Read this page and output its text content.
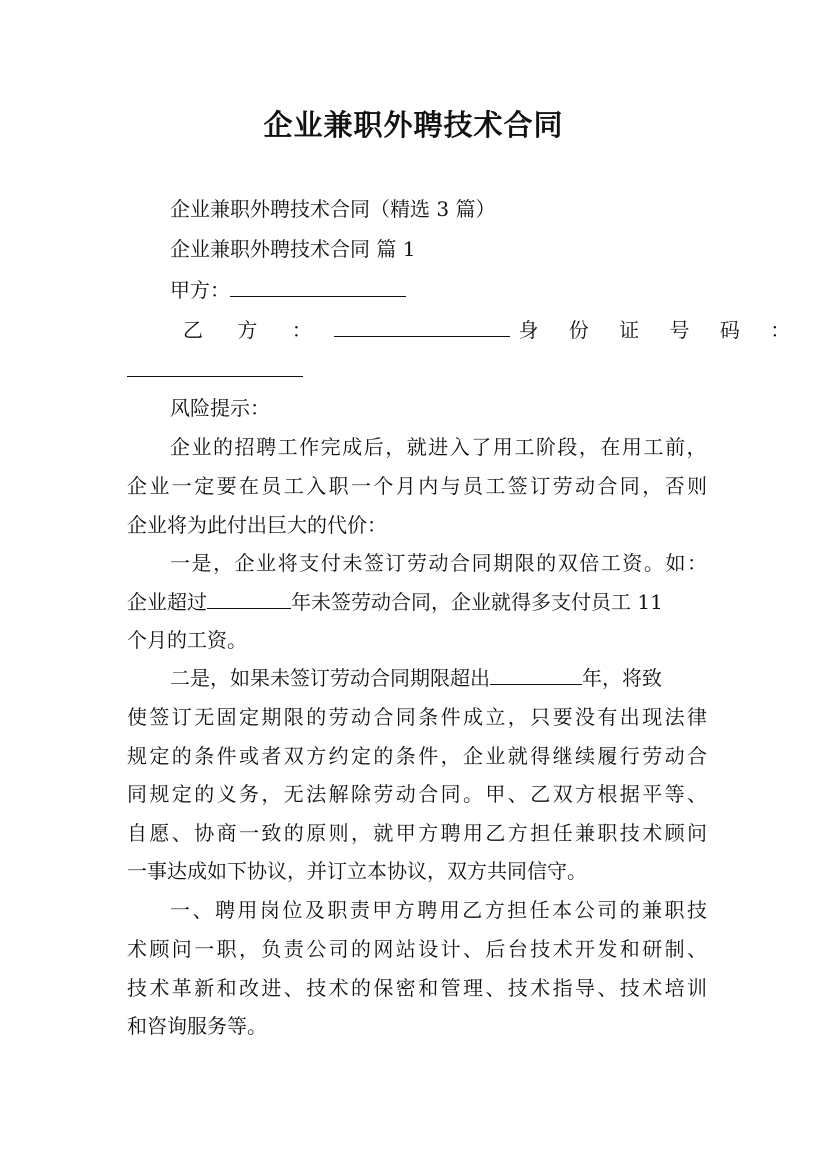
企业兼职外聘技术合同
企业兼职外聘技术合同（精选 3 篇）
企业兼职外聘技术合同 篇 1
甲方：
乙 方 ：	身 份 证 号 码 ：
风险提示：
企业的招聘工作完成后，就进入了用工阶段，在用工前，
企业一定要在员工入职一个月内与员工签订劳动合同，否则
企业将为此付出巨大的代价：
一是，企业将支付未签订劳动合同期限的双倍工资。如：
企业超过	年未签劳动合同，企业就得多支付员工 11
个月的工资。
二是，如果未签订劳动合同期限超出	年，将致
使签订无固定期限的劳动合同条件成立，只要没有出现法律
规定的条件或者双方约定的条件，企业就得继续履行劳动合
同规定的义务，无法解除劳动合同。甲、乙双方根据平等、
自愿、协商一致的原则，就甲方聘用乙方担任兼职技术顾问
一事达成如下协议，并订立本协议，双方共同信守。
一、聘用岗位及职责甲方聘用乙方担任本公司的兼职技
术顾问一职，负责公司的网站设计、后台技术开发和研制、
技术革新和改进、技术的保密和管理、技术指导、技术培训
和咨询服务等。
